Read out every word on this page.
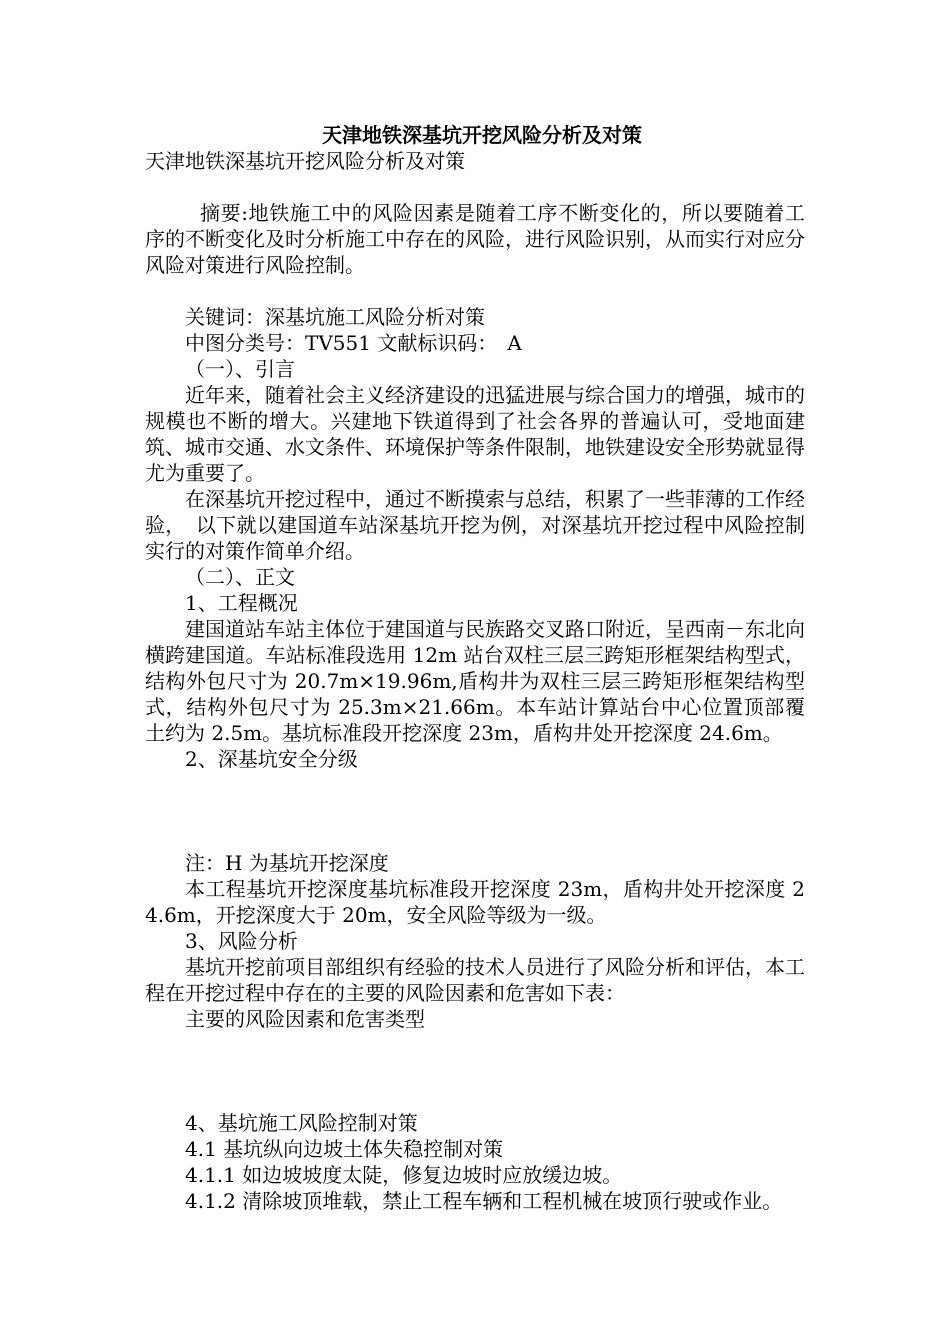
天津地铁深基坑开挖风险分析及对策

天津地铁深基坑开挖风险分析及对策

摘要:地铁施工中的风险因素是随着工序不断变化的，所以要随着工序的不断变化及时分析施工中存在的风险，进行风险识别，从而实行对应分风险对策进行风险控制。

关键词：深基坑施工风险分析对策

中图分类号：TV551 文献标识码：　A

（一）、引言

近年来，随着社会主义经济建设的迅猛进展与综合国力的增强，城市的规模也不断的增大。兴建地下铁道得到了社会各界的普遍认可，受地面建筑、城市交通、水文条件、环境保护等条件限制，地铁建设安全形势就显得尤为重要了。

在深基坑开挖过程中，通过不断摸索与总结，积累了一些菲薄的工作经验，　以下就以建国道车站深基坑开挖为例，对深基坑开挖过程中风险控制实行的对策作简单介绍。

（二）、正文

1、工程概况

建国道站车站主体位于建国道与民族路交叉路口附近，呈西南－东北向横跨建国道。车站标准段选用 12m 站台双柱三层三跨矩形框架结构型式，结构外包尺寸为 20.7m×19.96m,盾构井为双柱三层三跨矩形框架结构型式，结构外包尺寸为 25.3m×21.66m。本车站计算站台中心位置顶部覆土约为 2.5m。基坑标准段开挖深度 23m，盾构井处开挖深度 24.6m。

2、深基坑安全分级

注：H 为基坑开挖深度

本工程基坑开挖深度基坑标准段开挖深度 23m，盾构井处开挖深度 24.6m，开挖深度大于 20m，安全风险等级为一级。

3、风险分析

基坑开挖前项目部组织有经验的技术人员进行了风险分析和评估，本工程在开挖过程中存在的主要的风险因素和危害如下表：

主要的风险因素和危害类型

4、基坑施工风险控制对策

4.1 基坑纵向边坡土体失稳控制对策

4.1.1 如边坡坡度太陡，修复边坡时应放缓边坡。

4.1.2 清除坡顶堆载，禁止工程车辆和工程机械在坡顶行驶或作业。
